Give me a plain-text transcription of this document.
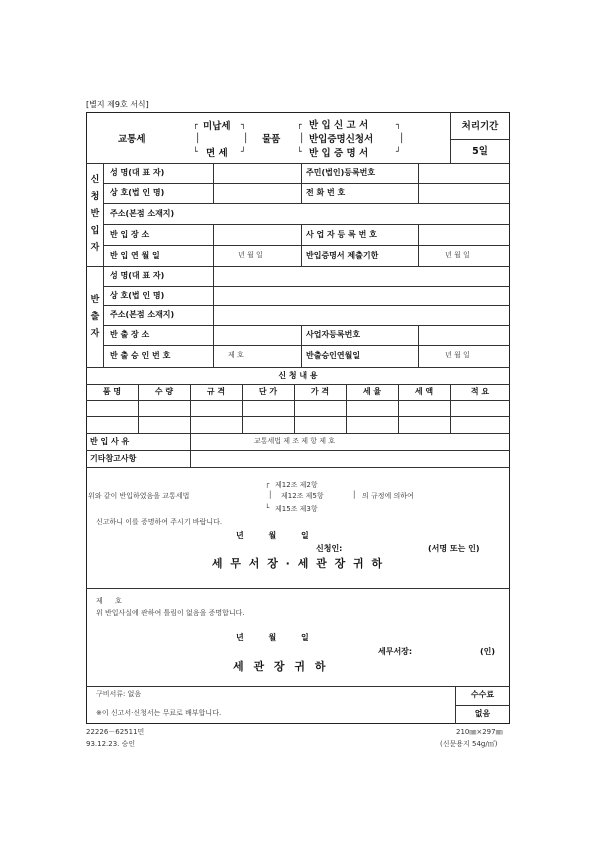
[별지 제9호 서식]
교통세
┌ 미납세 ┐
│	│
└ 면 세 ┘
물품
┌ 반 입 신 고 서	┐
│ 반입증명신청서	│
└ 반 입 증 명 서	┘
처리기간
5일
신청반입자
성 명(대 표 자)	주민(법인)등록번호
상 호(법 인 명)	전 화 번 호
주소(본점 소재지)
반 입 장 소	사 업 자 등 록 번 호
반 입 연 월 일	년 월 일	반입증명서 제출기한	년 월 일
반출자
성 명(대 표 자)
상 호(법 인 명)
주소(본점 소재지)
반 출 장 소	사업자등록번호
반 출 승 인 번 호	제 호	반출승인연월일	년 월 일
신 청 내 용
품 명	수 량	규 격	단 가	가 격	세 율	세 액	적 요
반 입 사 유	교통세법 제 조 제 항 제 호
기타참고사항
┌ 제12조 제2항
위와 같이 반입하였음을 교통세법	│ 제12조 제5항	│ 의 규정에 의하여
└ 제15조 제3항
신고하니 이를 증명하여 주시기 바랍니다.
년 월 일
신청인:	(서명 또는 인)
세 무 서 장 · 세 관 장 귀 하
제 호
위 반입사실에 관하여 틀림이 없음을 증명합니다.
년 월 일
세무서장:	(인)
세 관 장 귀 하
구비서류: 없음
※이 신고서·신청서는 무료로 배부합니다.
수수료
없음
22226－62511민
93.12.23. 승인
210㎜×297㎜
(신문용지 54g/㎡)
